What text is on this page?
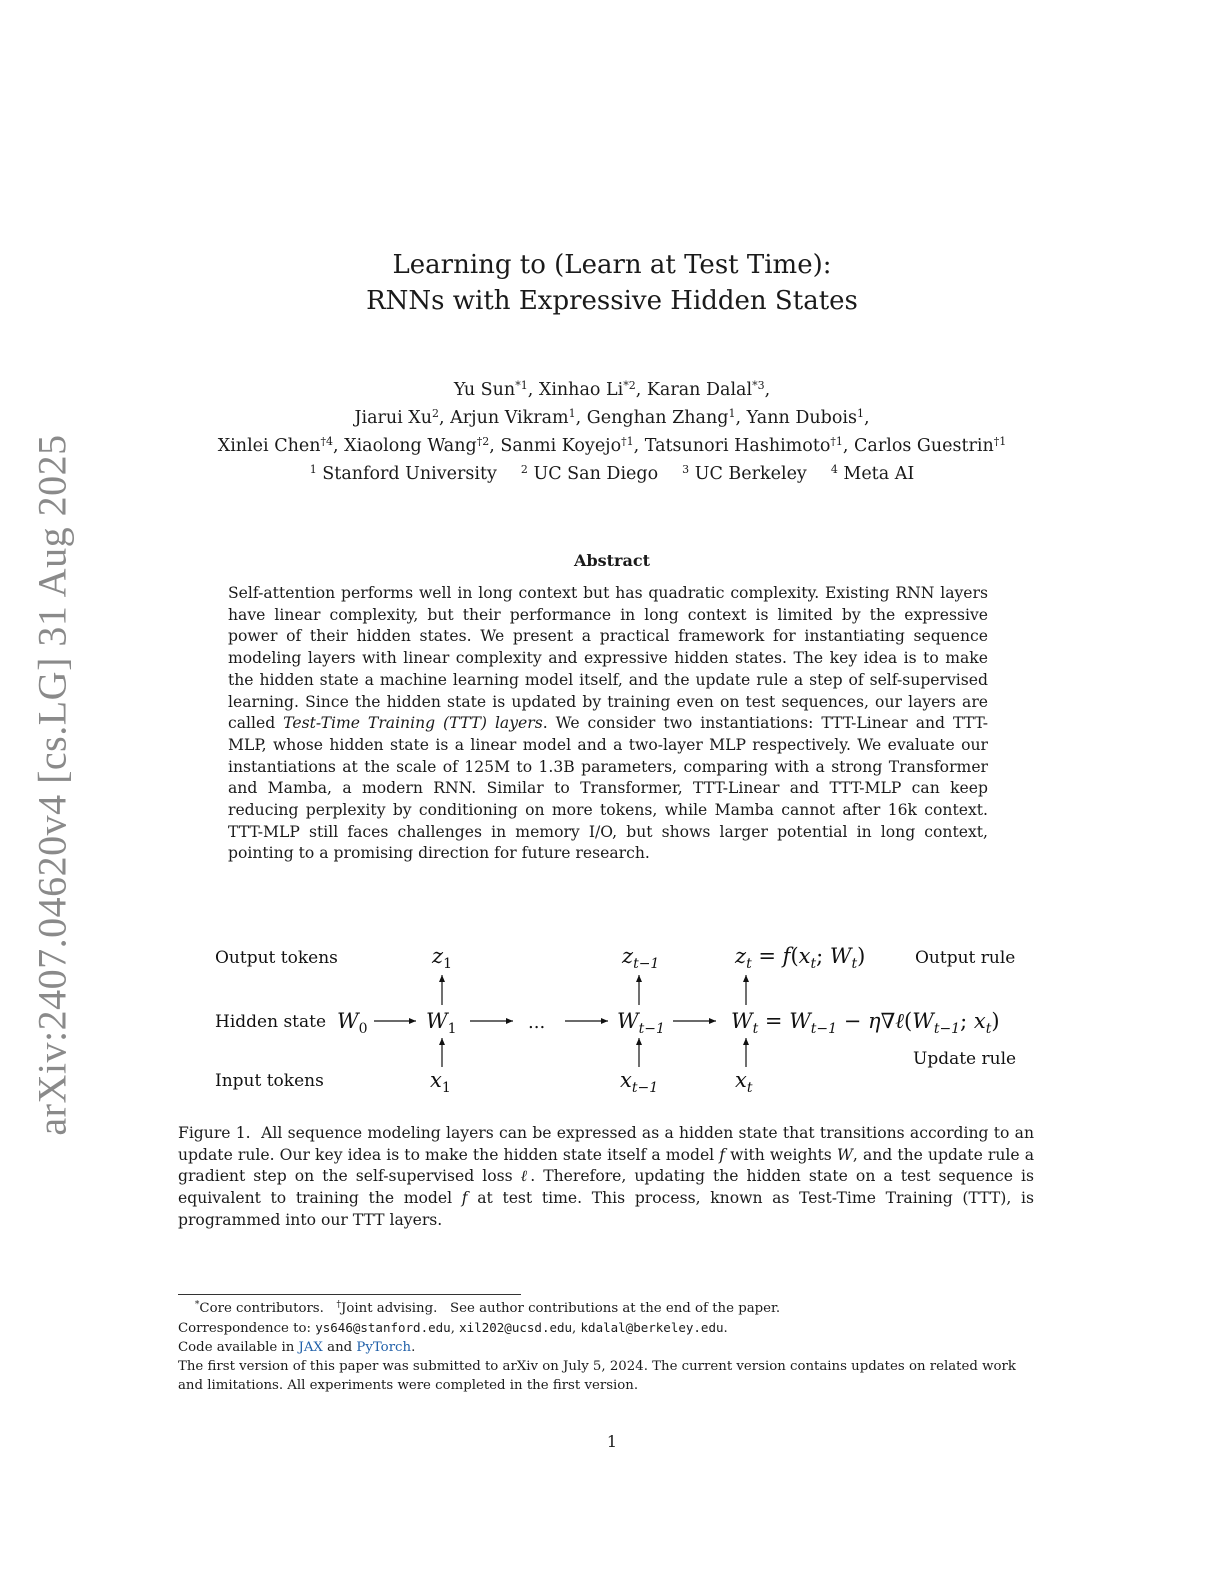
arXiv:2407.04620v4 [cs.LG] 31 Aug 2025
Learning to (Learn at Test Time):
RNNs with Expressive Hidden States
Yu Sun$^{*1}$, Xinhao Li$^{*2}$, Karan Dalal$^{*3}$,
Jiarui Xu$^2$, Arjun Vikram$^1$, Genghan Zhang$^1$, Yann Dubois$^1$,
Xinlei Chen$^{\dagger 4}$, Xiaolong Wang$^{\dagger 2}$, Sanmi Koyejo$^{\dagger 1}$, Tatsunori Hashimoto$^{\dagger 1}$, Carlos Guestrin$^{\dagger 1}$
$^1$ Stanford University $^2$ UC San Diego $^3$ UC Berkeley $^4$ Meta AI
Abstract
Self-attention performs well in long context but has quadratic complexity. Existing RNN layers have linear complexity, but their performance in long context is limited by the expressive power of their hidden states. We present a practical framework for instantiating sequence modeling layers with linear complexity and expressive hidden states. The key idea is to make the hidden state a machine learning model itself, and the update rule a step of self-supervised learning. Since the hidden state is updated by training even on test sequences, our layers are called Test-Time Training (TTT) layers. We consider two instantiations: TTT-Linear and TTT-MLP, whose hidden state is a linear model and a two-layer MLP respectively. We evaluate our instantiations at the scale of 125M to 1.3B parameters, comparing with a strong Transformer and Mamba, a modern RNN. Similar to Transformer, TTT-Linear and TTT-MLP can keep reducing perplexity by conditioning on more tokens, while Mamba cannot after 16k context. TTT-MLP still faces challenges in memory I/O, but shows larger potential in long context, pointing to a promising direction for future research.
Output tokens
Hidden state
Input tokens
$W_0$	$W_1$	...	$W_{t-1}$	$W_t = W_{t-1}$ − $\eta\nabla\ell(W_{t-1}$; $x_t$)
$z_1$	$z_{t-1}$	$z_t = f(x_t$; $W_t$)	Output rule
$x_1$	$x_{t-1}$	$x_t$
Update rule
Figure 1. All sequence modeling layers can be expressed as a hidden state that transitions according to an update rule. Our key idea is to make the hidden state itself a model f with weights W, and the update rule a gradient step on the self-supervised loss ℓ. Therefore, updating the hidden state on a test sequence is equivalent to training the model f at test time. This process, known as Test-Time Training (TTT), is programmed into our TTT layers.
*Core contributors. †Joint advising. See author contributions at the end of the paper.
Correspondence to: ys646@stanford.edu, xil202@ucsd.edu, kdalal@berkeley.edu.
Code available in JAX and PyTorch.
The first version of this paper was submitted to arXiv on July 5, 2024. The current version contains updates on related work and limitations. All experiments were completed in the first version.
1
